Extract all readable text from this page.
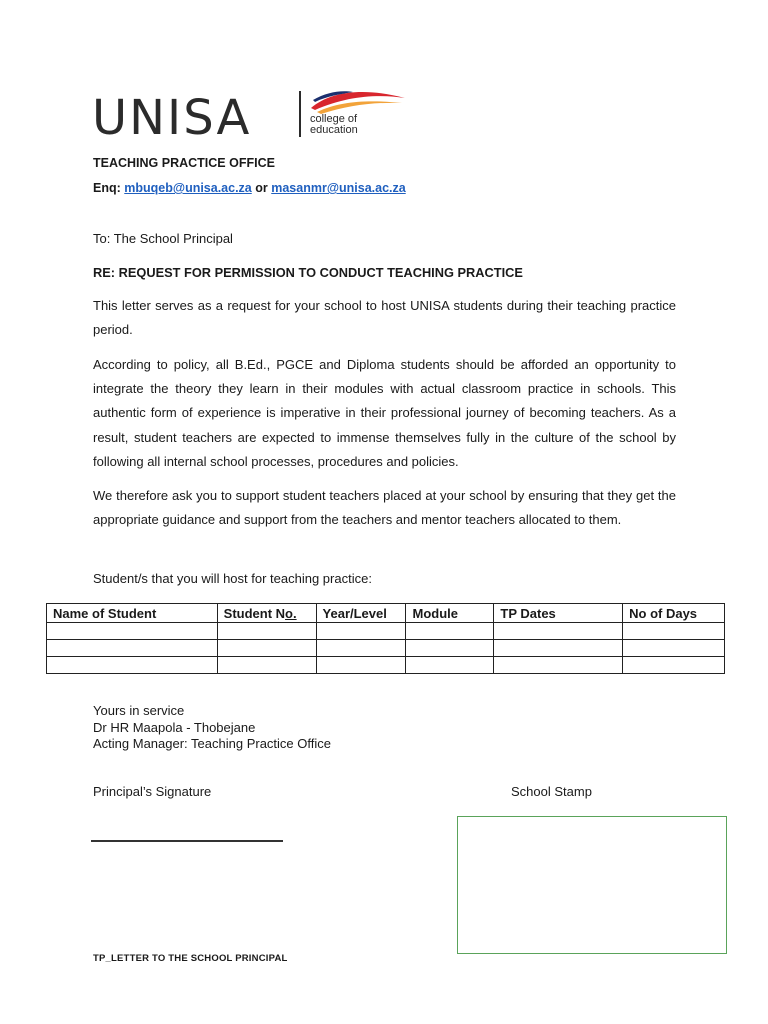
UNISA	college of
education
TEACHING PRACTICE OFFICE
Enq: mbuqeb@unisa.ac.za or masanmr@unisa.ac.za
To: The School Principal
RE: REQUEST FOR PERMISSION TO CONDUCT TEACHING PRACTICE
This letter serves as a request for your school to host UNISA students during their teaching practice period.
According to policy, all B.Ed., PGCE and Diploma students should be afforded an opportunity to integrate the theory they learn in their modules with actual classroom practice in schools. This authentic form of experience is imperative in their professional journey of becoming teachers. As a result, student teachers are expected to immense themselves fully in the culture of the school by following all internal school processes, procedures and policies.
We therefore ask you to support student teachers placed at your school by ensuring that they get the appropriate guidance and support from the teachers and mentor teachers allocated to them.
Student/s that you will host for teaching practice:
Name of Student	Student No.	Year/Level	Module	TP Dates	No of Days

Yours in service
Dr HR Maapola - Thobejane
Acting Manager: Teaching Practice Office
Principal’s Signature	School Stamp
TP_LETTER TO THE SCHOOL PRINCIPAL
